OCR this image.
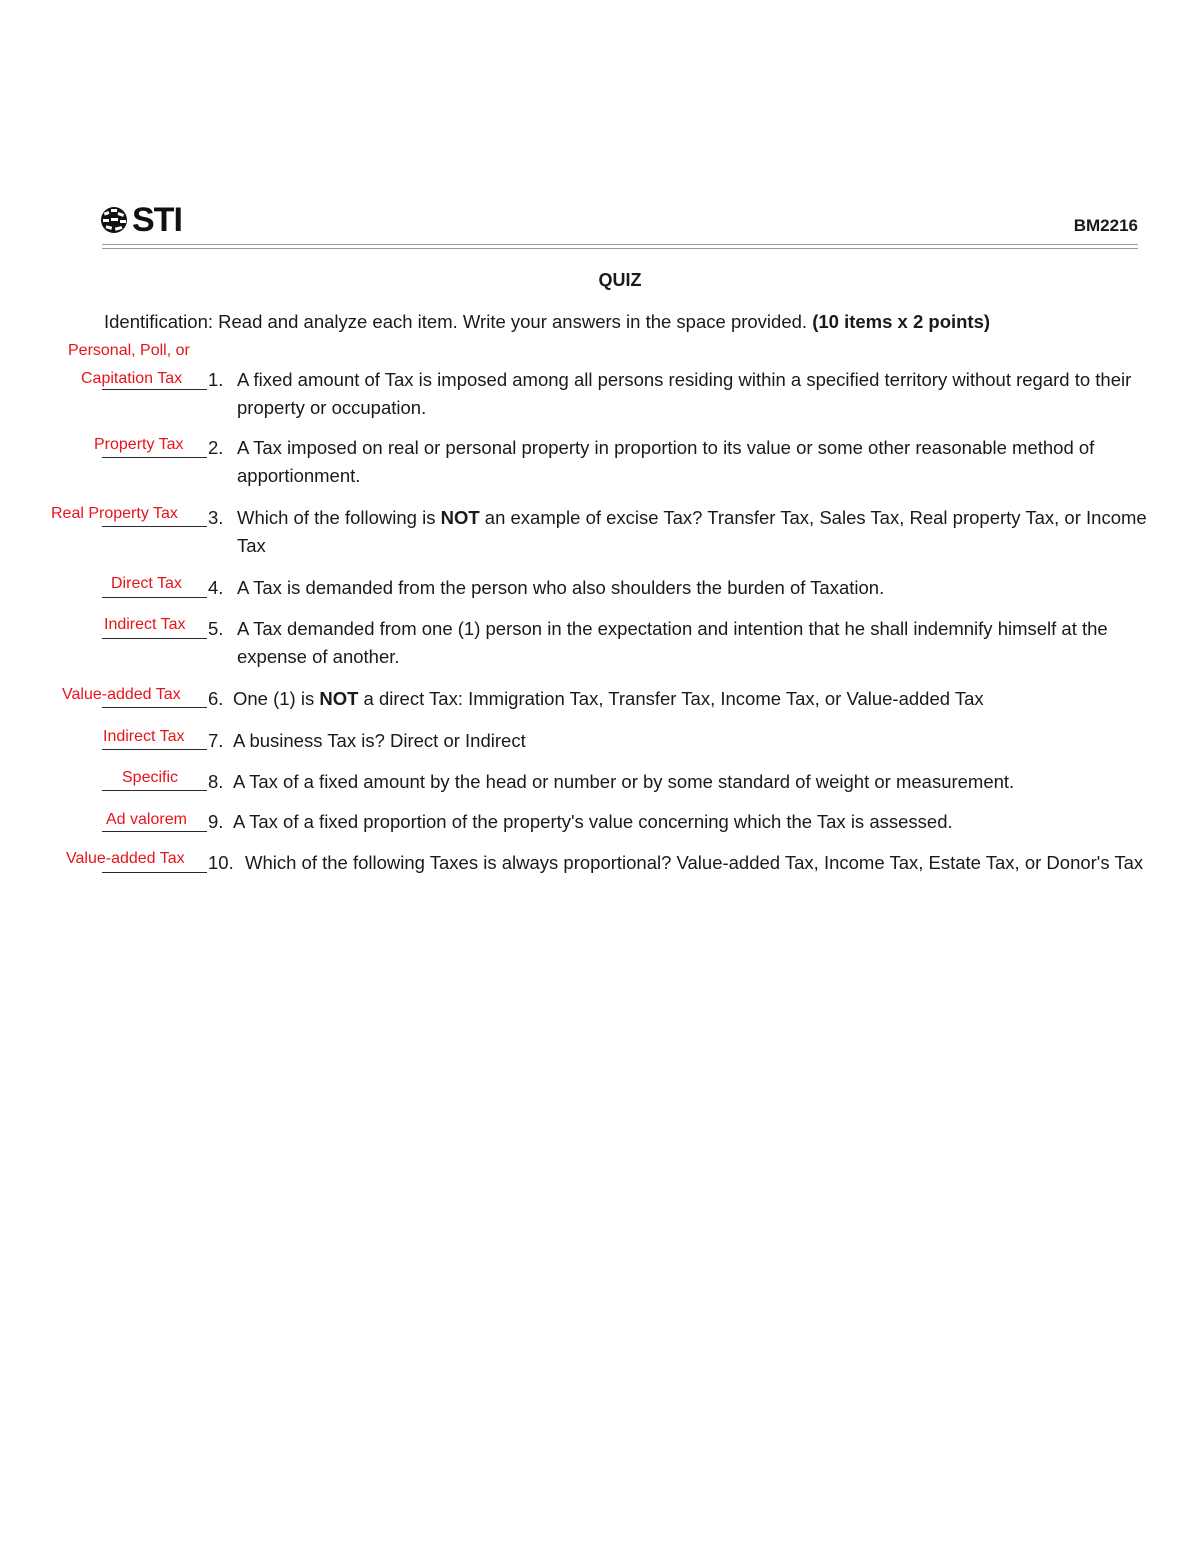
STI	BM2216
QUIZ
Identification: Read and analyze each item. Write your answers in the space provided. (10 items x 2 points)
Personal, Poll, or
Capitation Tax 1. A fixed amount of Tax is imposed among all persons residing within a specified territory without regard to their property or occupation.
Property Tax 2. A Tax imposed on real or personal property in proportion to its value or some other reasonable method of apportionment.
Real Property Tax 3. Which of the following is NOT an example of excise Tax? Transfer Tax, Sales Tax, Real property Tax, or Income Tax
Direct Tax 4. A Tax is demanded from the person who also shoulders the burden of Taxation.
Indirect Tax 5. A Tax demanded from one (1) person in the expectation and intention that he shall indemnify himself at the expense of another.
Value-added Tax 6. One (1) is NOT a direct Tax: Immigration Tax, Transfer Tax, Income Tax, or Value-added Tax
Indirect Tax 7. A business Tax is? Direct or Indirect
Specific 8. A Tax of a fixed amount by the head or number or by some standard of weight or measurement.
Ad valorem 9. A Tax of a fixed proportion of the property's value concerning which the Tax is assessed.
Value-added Tax 10. Which of the following Taxes is always proportional? Value-added Tax, Income Tax, Estate Tax, or Donor's Tax
